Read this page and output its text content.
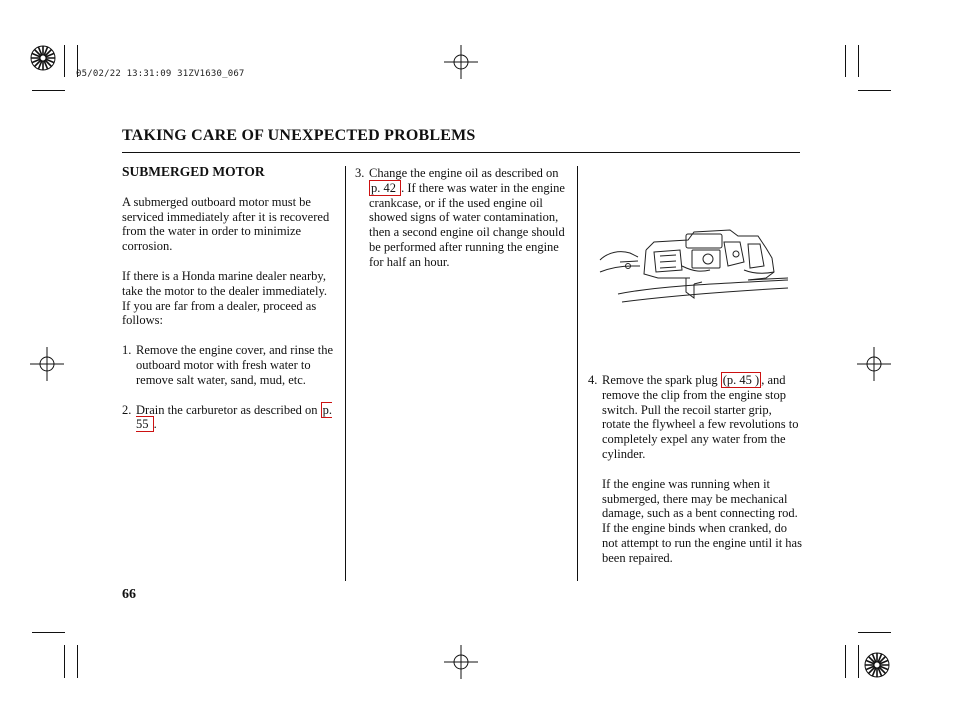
05/02/22 13:31:09 31ZV1630_067
TAKING CARE OF UNEXPECTED PROBLEMS

SUBMERGED MOTOR

A submerged outboard motor must be serviced immediately after it is recovered from the water in order to minimize corrosion.

If there is a Honda marine dealer nearby, take the motor to the dealer immediately. If you are far from a dealer, proceed as follows:

1. Remove the engine cover, and rinse the outboard motor with fresh water to remove salt water, sand, mud, etc.
2. Drain the carburetor as described on p. 55 .
3. Change the engine oil as described on p. 42 . If there was water in the engine crankcase, or if the used engine oil showed signs of water contamination, then a second engine oil change should be performed after running the engine for half an hour.
4. Remove the spark plug (p. 45 ) , and remove the clip from the engine stop switch. Pull the recoil starter grip, rotate the flywheel a few revolutions to completely expel any water from the cylinder.

If the engine was running when it submerged, there may be mechanical damage, such as a bent connecting rod. If the engine binds when cranked, do not attempt to run the engine until it has been repaired.

66
